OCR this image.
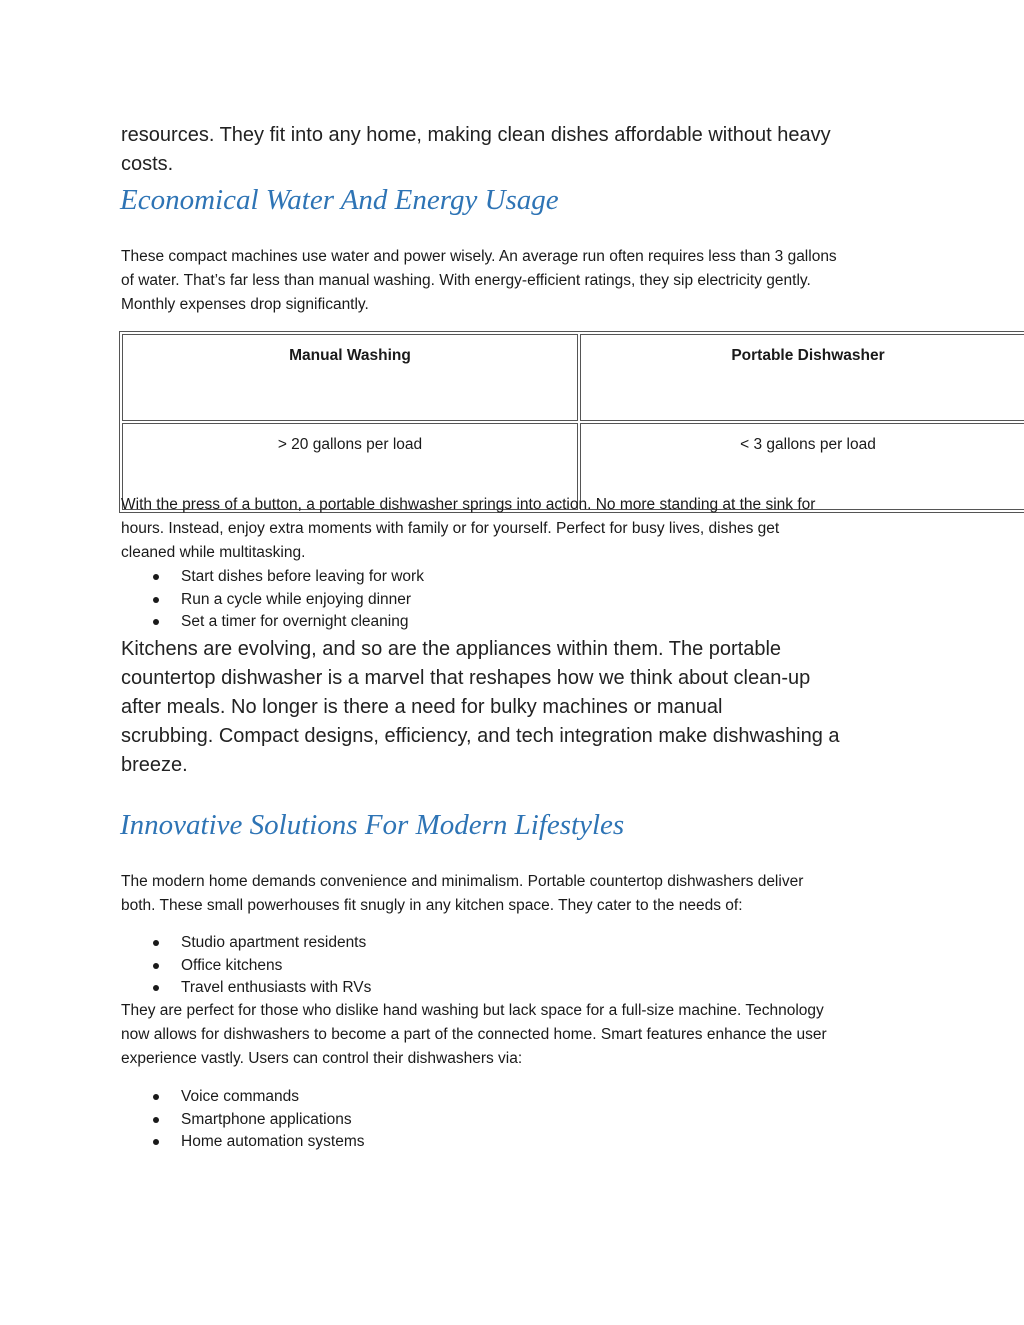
resources. They fit into any home, making clean dishes affordable without heavy
costs.
Economical Water And Energy Usage
These compact machines use water and power wisely. An average run often requires less than 3 gallons
of water. That’s far less than manual washing. With energy-efficient ratings, they sip electricity gently.
Monthly expenses drop significantly.
Manual Washing	Portable Dishwasher
> 20 gallons per load	< 3 gallons per load
With the press of a button, a portable dishwasher springs into action. No more standing at the sink for
hours. Instead, enjoy extra moments with family or for yourself. Perfect for busy lives, dishes get
cleaned while multitasking.
Start dishes before leaving for work
Run a cycle while enjoying dinner
Set a timer for overnight cleaning
Kitchens are evolving, and so are the appliances within them. The portable
countertop dishwasher is a marvel that reshapes how we think about clean-up
after meals. No longer is there a need for bulky machines or manual
scrubbing. Compact designs, efficiency, and tech integration make dishwashing a
breeze.
Innovative Solutions For Modern Lifestyles
The modern home demands convenience and minimalism. Portable countertop dishwashers deliver
both. These small powerhouses fit snugly in any kitchen space. They cater to the needs of:
Studio apartment residents
Office kitchens
Travel enthusiasts with RVs
They are perfect for those who dislike hand washing but lack space for a full-size machine. Technology
now allows for dishwashers to become a part of the connected home. Smart features enhance the user
experience vastly. Users can control their dishwashers via:
Voice commands
Smartphone applications
Home automation systems
